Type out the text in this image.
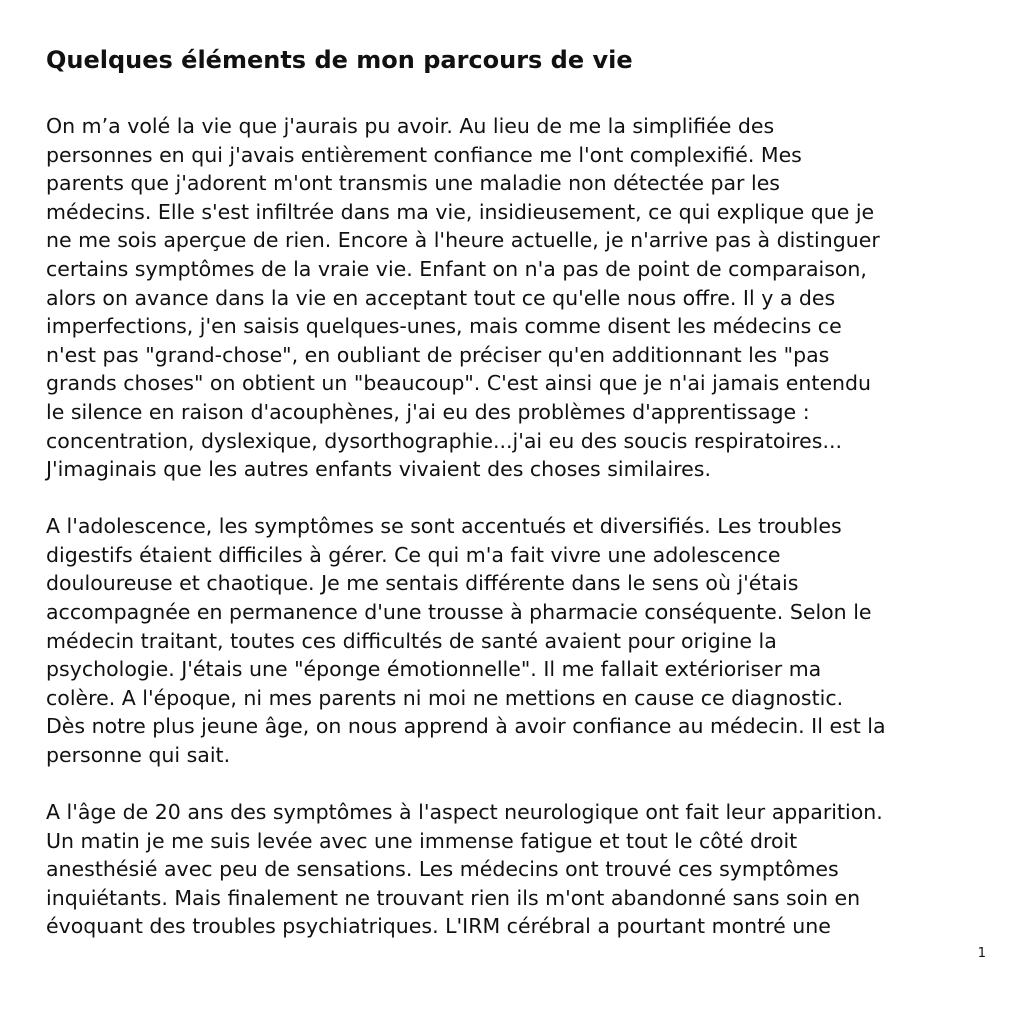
Quelques éléments de mon parcours de vie
On m’a volé la vie que j'aurais pu avoir. Au lieu de me la simplifiée des
personnes en qui j'avais entièrement confiance me l'ont complexifié. Mes
parents que j'adorent m'ont transmis une maladie non détectée par les
médecins. Elle s'est infiltrée dans ma vie, insidieusement, ce qui explique que je
ne me sois aperçue de rien. Encore à l'heure actuelle, je n'arrive pas à distinguer
certains symptômes de la vraie vie. Enfant on n'a pas de point de comparaison,
alors on avance dans la vie en acceptant tout ce qu'elle nous offre. Il y a des
imperfections, j'en saisis quelques-unes, mais comme disent les médecins ce
n'est pas "grand-chose", en oubliant de préciser qu'en additionnant les "pas
grands choses" on obtient un "beaucoup". C'est ainsi que je n'ai jamais entendu
le silence en raison d'acouphènes, j'ai eu des problèmes d'apprentissage :
concentration, dyslexique, dysorthographie...j'ai eu des soucis respiratoires...
J'imaginais que les autres enfants vivaient des choses similaires.
A l'adolescence, les symptômes se sont accentués et diversifiés. Les troubles
digestifs étaient difficiles à gérer. Ce qui m'a fait vivre une adolescence
douloureuse et chaotique. Je me sentais différente dans le sens où j'étais
accompagnée en permanence d'une trousse à pharmacie conséquente. Selon le
médecin traitant, toutes ces difficultés de santé avaient pour origine la
psychologie. J'étais une "éponge émotionnelle". Il me fallait extérioriser ma
colère. A l'époque, ni mes parents ni moi ne mettions en cause ce diagnostic.
Dès notre plus jeune âge, on nous apprend à avoir confiance au médecin. Il est la
personne qui sait.
A l'âge de 20 ans des symptômes à l'aspect neurologique ont fait leur apparition.
Un matin je me suis levée avec une immense fatigue et tout le côté droit
anesthésié avec peu de sensations. Les médecins ont trouvé ces symptômes
inquiétants. Mais finalement ne trouvant rien ils m'ont abandonné sans soin en
évoquant des troubles psychiatriques. L'IRM cérébral a pourtant montré une
1
